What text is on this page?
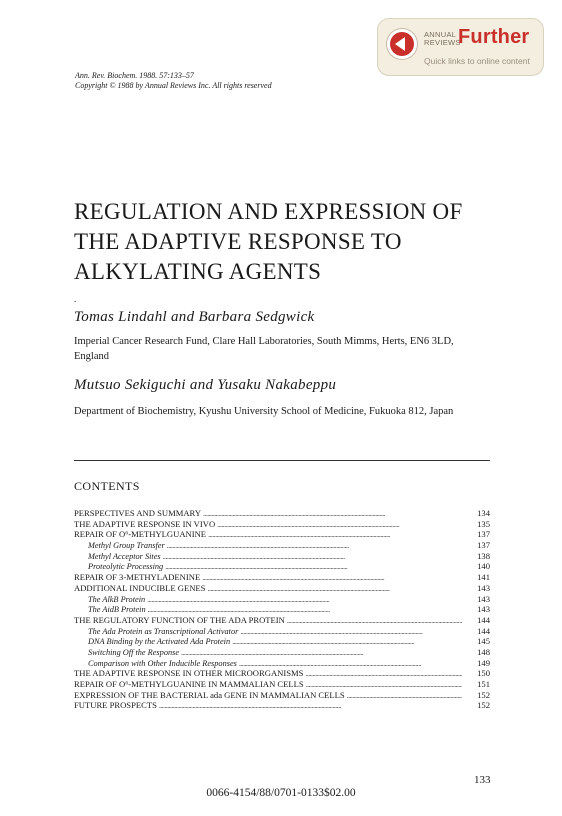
ANNUAL
REVIEWS
Further
Quick links to online content
Ann. Rev. Biochem. 1988. 57:133–57
Copyright © 1988 by Annual Reviews Inc. All rights reserved
REGULATION AND EXPRESSION OF
THE ADAPTIVE RESPONSE TO
ALKYLATING AGENTS
.
Tomas Lindahl and Barbara Sedgwick
Imperial Cancer Research Fund, Clare Hall Laboratories, South Mimms, Herts, EN6 3LD, England
Mutsuo Sekiguchi and Yusaku Nakabeppu
Department of Biochemistry, Kyushu University School of Medicine, Fukuoka 812, Japan
CONTENTS
PERSPECTIVES AND SUMMARY . . .	134
THE ADAPTIVE RESPONSE IN VIVO . . .	135
REPAIR OF O⁶-METHYLGUANINE . . .	137
Methyl Group Transfer . . .	137
Methyl Acceptor Sites . . .	138
Proteolytic Processing . . .	140
REPAIR OF 3-METHYLADENINE . . .	141
ADDITIONAL INDUCIBLE GENES . . .	143
The AlkB Protein . . .	143
The AidB Protein . . .	143
THE REGULATORY FUNCTION OF THE ADA PROTEIN . . .	144
The Ada Protein as Transcriptional Activator . . .	144
DNA Binding by the Activated Ada Protein . . .	145
Switching Off the Response . . .	148
Comparison with Other Inducible Responses . . .	149
THE ADAPTIVE RESPONSE IN OTHER MICROORGANISMS . . .	150
REPAIR OF O⁶-METHYLGUANINE IN MAMMALIAN CELLS . . .	151
EXPRESSION OF THE BACTERIAL ada GENE IN MAMMALIAN CELLS . . .	152
FUTURE PROSPECTS . . .	152
133
0066-4154/88/0701-0133$02.00
